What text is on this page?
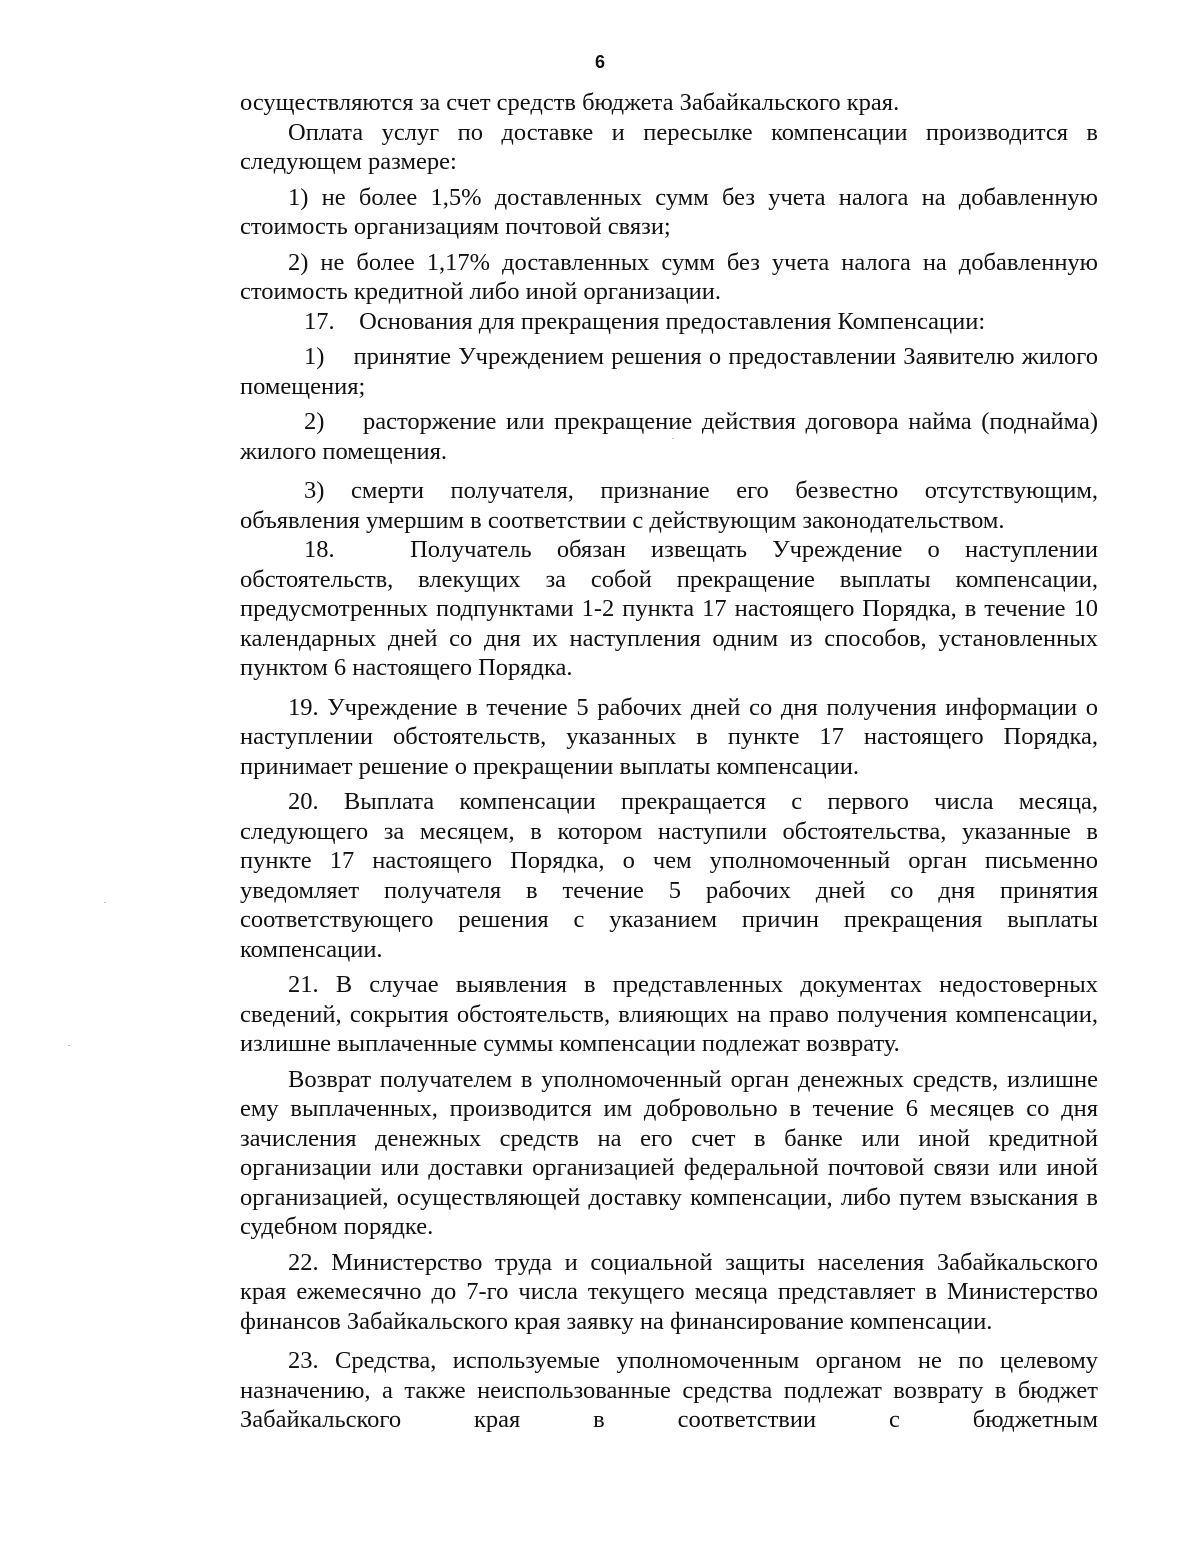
6

осуществляются за счет средств бюджета Забайкальского края.

Оплата услуг по доставке и пересылке компенсации производится в следующем размере:

1) не более 1,5% доставленных сумм без учета налога на добавленную стоимость организациям почтовой связи;

2) не более 1,17% доставленных сумм без учета налога на добавленную стоимость кредитной либо иной организации.

17.    Основания для прекращения предоставления Компенсации:

1)    принятие Учреждением решения о предоставлении Заявителю жилого помещения;

2)    расторжение или прекращение действия договора найма (поднайма) жилого помещения.

3) смерти получателя, признание его безвестно отсутствующим, объявления умершим в соответствии с действующим законодательством.

18.   Получатель обязан извещать Учреждение о наступлении обстоятельств, влекущих за собой прекращение выплаты компенсации, предусмотренных подпунктами 1-2 пункта 17 настоящего Порядка, в течение 10 календарных дней со дня их наступления одним из способов, установленных пунктом 6 настоящего Порядка.

19. Учреждение в течение 5 рабочих дней со дня получения информации о наступлении обстоятельств, указанных в пункте 17 настоящего Порядка, принимает решение о прекращении выплаты компенсации.

20. Выплата компенсации прекращается с первого числа месяца, следующего за месяцем, в котором наступили обстоятельства, указанные в пункте 17 настоящего Порядка, о чем уполномоченный орган письменно уведомляет получателя в течение 5 рабочих дней со дня принятия соответствующего решения с указанием причин прекращения выплаты компенсации.

21. В случае выявления в представленных документах недостоверных сведений, сокрытия обстоятельств, влияющих на право получения компенсации, излишне выплаченные суммы компенсации подлежат возврату.

Возврат получателем в уполномоченный орган денежных средств, излишне ему выплаченных, производится им добровольно в течение 6 месяцев со дня зачисления денежных средств на его счет в банке или иной кредитной организации или доставки организацией федеральной почтовой связи или иной организацией, осуществляющей доставку компенсации, либо путем взыскания в судебном порядке.

22. Министерство труда и социальной защиты населения Забайкальского края ежемесячно до 7-го числа текущего месяца представляет в Министерство финансов Забайкальского края заявку на финансирование компенсации.

23. Средства, используемые уполномоченным органом не по целевому назначению, а также неиспользованные средства подлежат возврату в бюджет Забайкальского края в соответствии с бюджетным
